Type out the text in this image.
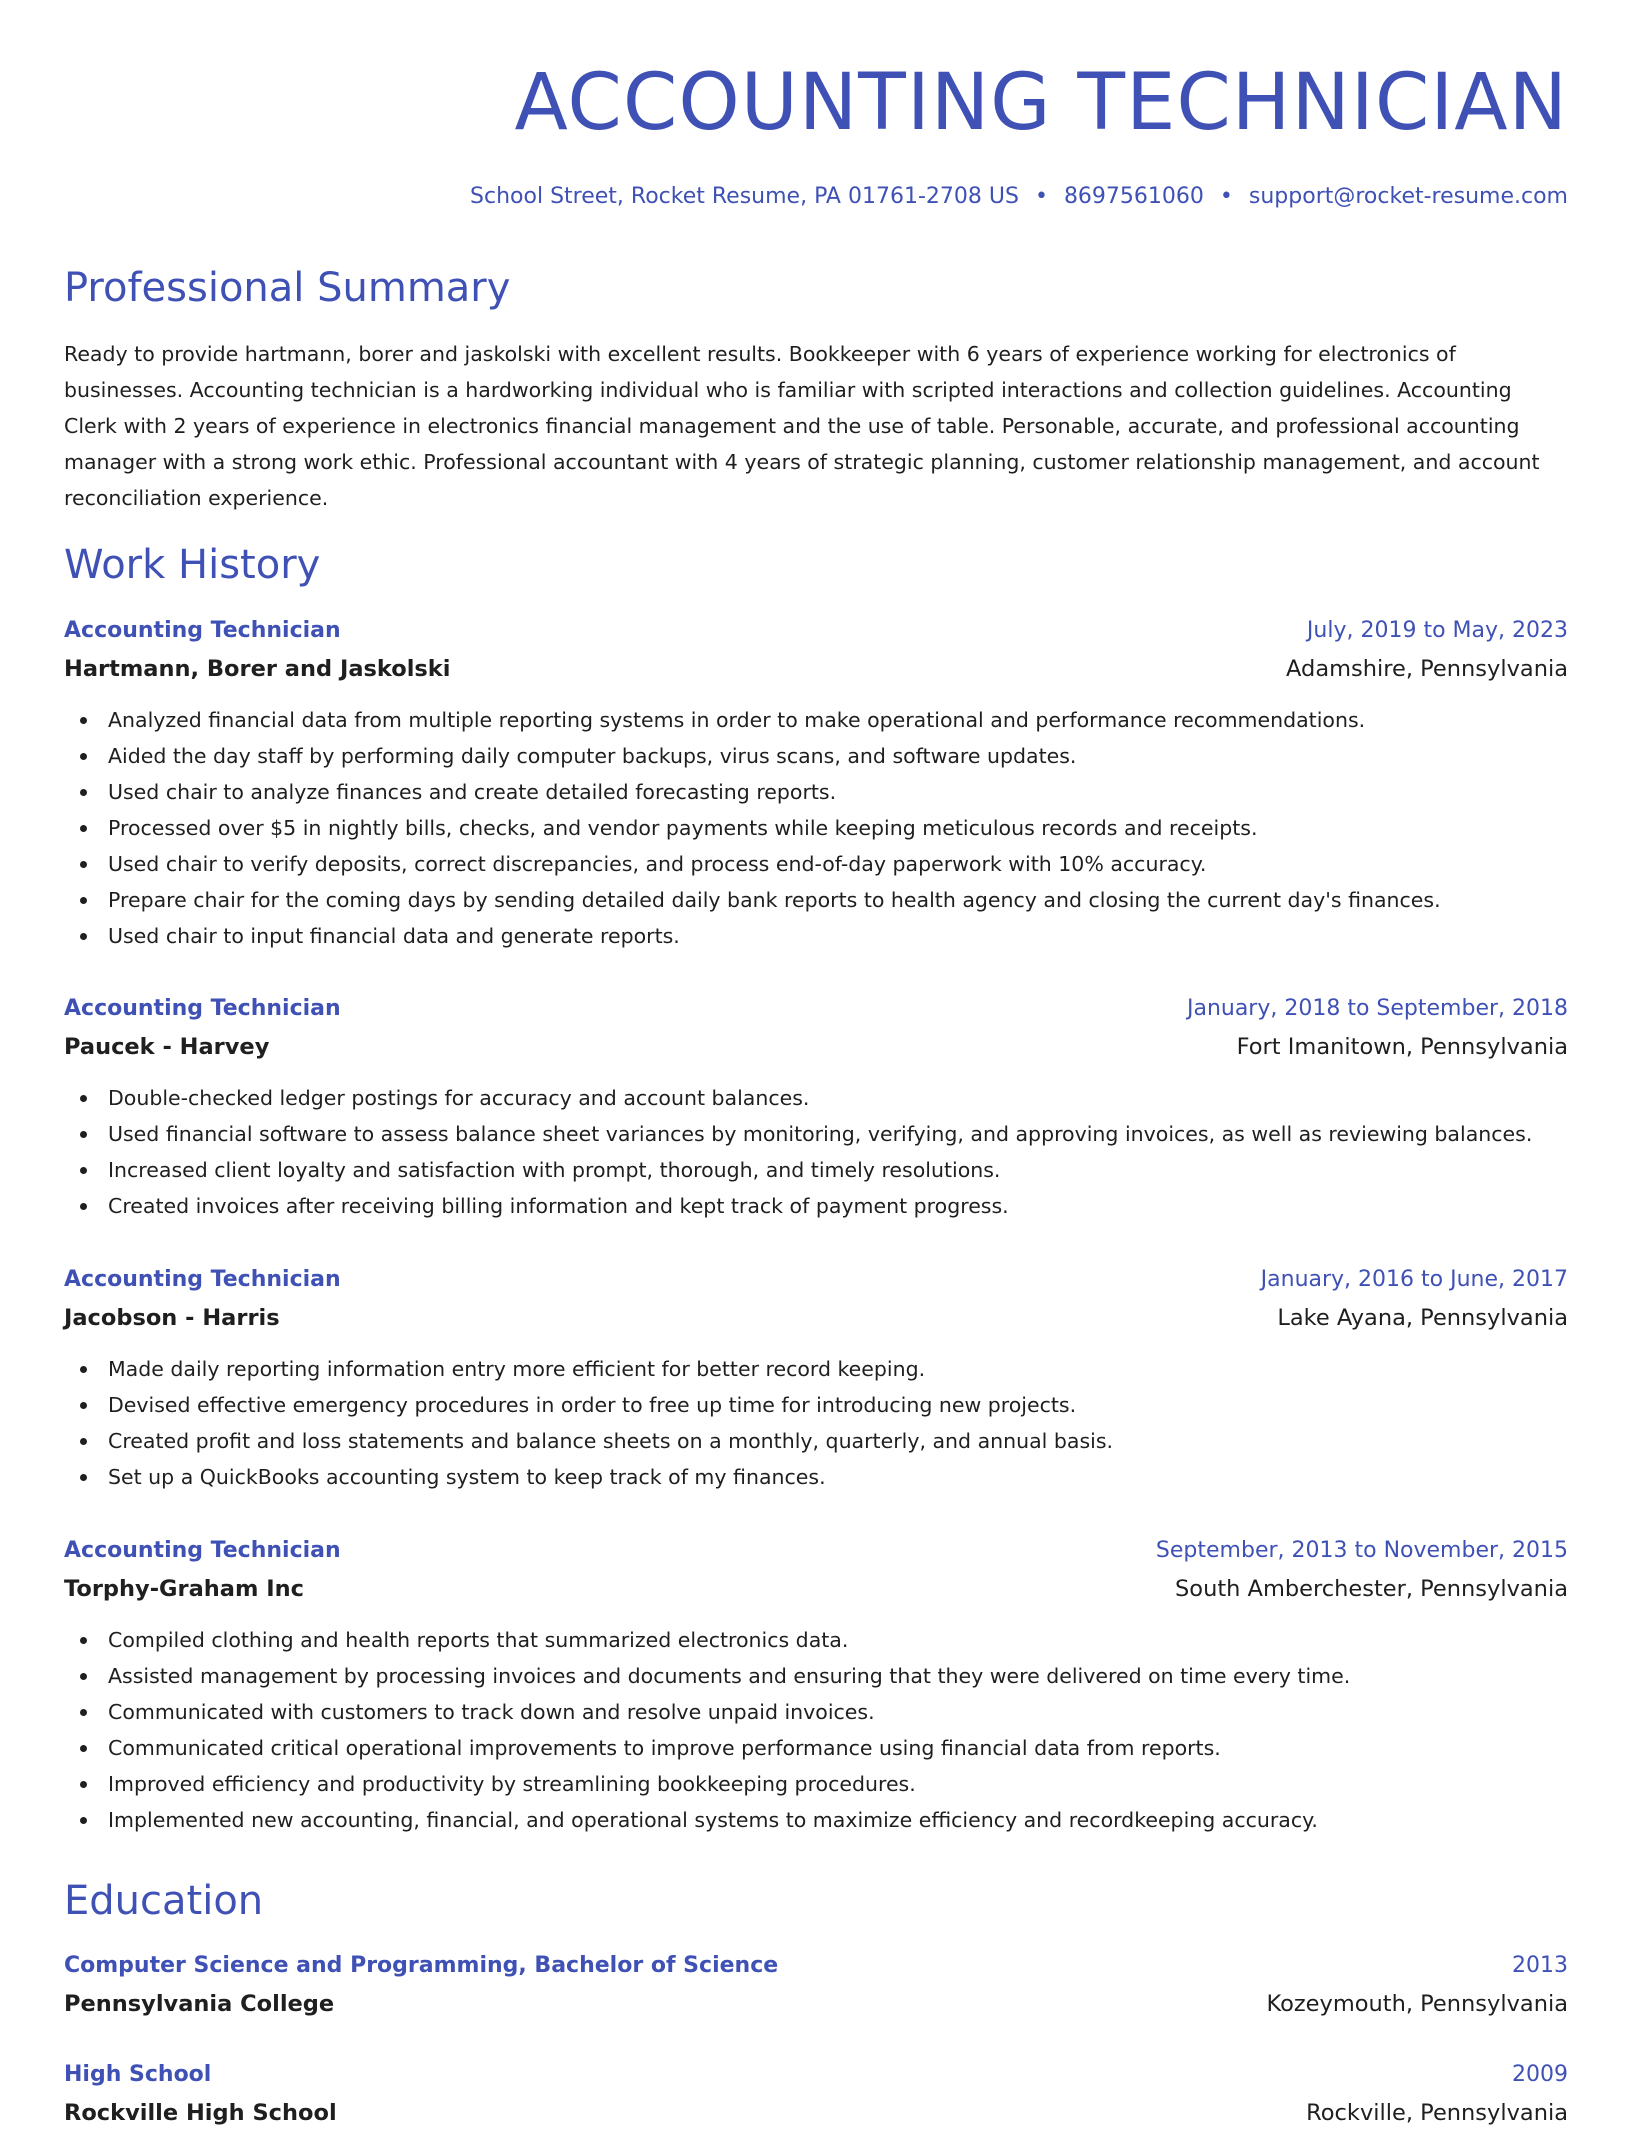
ACCOUNTING TECHNICIAN
School Street, Rocket Resume, PA 01761-2708 US • 8697561060 • support@rocket-resume.com
Professional Summary

Ready to provide hartmann, borer and jaskolski with excellent results. Bookkeeper with 6 years of experience working for electronics of businesses. Accounting technician is a hardworking individual who is familiar with scripted interactions and collection guidelines. Accounting Clerk with 2 years of experience in electronics financial management and the use of table. Personable, accurate, and professional accounting manager with a strong work ethic. Professional accountant with 4 years of strategic planning, customer relationship management, and account reconciliation experience.

Work History
Accounting Technician	July, 2019 to May, 2023
Hartmann, Borer and Jaskolski	Adamshire, Pennsylvania
Analyzed financial data from multiple reporting systems in order to make operational and performance recommendations.
Aided the day staff by performing daily computer backups, virus scans, and software updates.
Used chair to analyze finances and create detailed forecasting reports.
Processed over $5 in nightly bills, checks, and vendor payments while keeping meticulous records and receipts.
Used chair to verify deposits, correct discrepancies, and process end-of-day paperwork with 10% accuracy.
Prepare chair for the coming days by sending detailed daily bank reports to health agency and closing the current day's finances.
Used chair to input financial data and generate reports.
Accounting Technician	January, 2018 to September, 2018
Paucek - Harvey	Fort Imanitown, Pennsylvania
Double-checked ledger postings for accuracy and account balances.
Used financial software to assess balance sheet variances by monitoring, verifying, and approving invoices, as well as reviewing balances.
Increased client loyalty and satisfaction with prompt, thorough, and timely resolutions.
Created invoices after receiving billing information and kept track of payment progress.
Accounting Technician	January, 2016 to June, 2017
Jacobson - Harris	Lake Ayana, Pennsylvania
Made daily reporting information entry more efficient for better record keeping.
Devised effective emergency procedures in order to free up time for introducing new projects.
Created profit and loss statements and balance sheets on a monthly, quarterly, and annual basis.
Set up a QuickBooks accounting system to keep track of my finances.
Accounting Technician	September, 2013 to November, 2015
Torphy-Graham Inc	South Amberchester, Pennsylvania
Compiled clothing and health reports that summarized electronics data.
Assisted management by processing invoices and documents and ensuring that they were delivered on time every time.
Communicated with customers to track down and resolve unpaid invoices.
Communicated critical operational improvements to improve performance using financial data from reports.
Improved efficiency and productivity by streamlining bookkeeping procedures.
Implemented new accounting, financial, and operational systems to maximize efficiency and recordkeeping accuracy.
Education
Computer Science and Programming, Bachelor of Science	2013
Pennsylvania College	Kozeymouth, Pennsylvania
High School	2009
Rockville High School	Rockville, Pennsylvania
